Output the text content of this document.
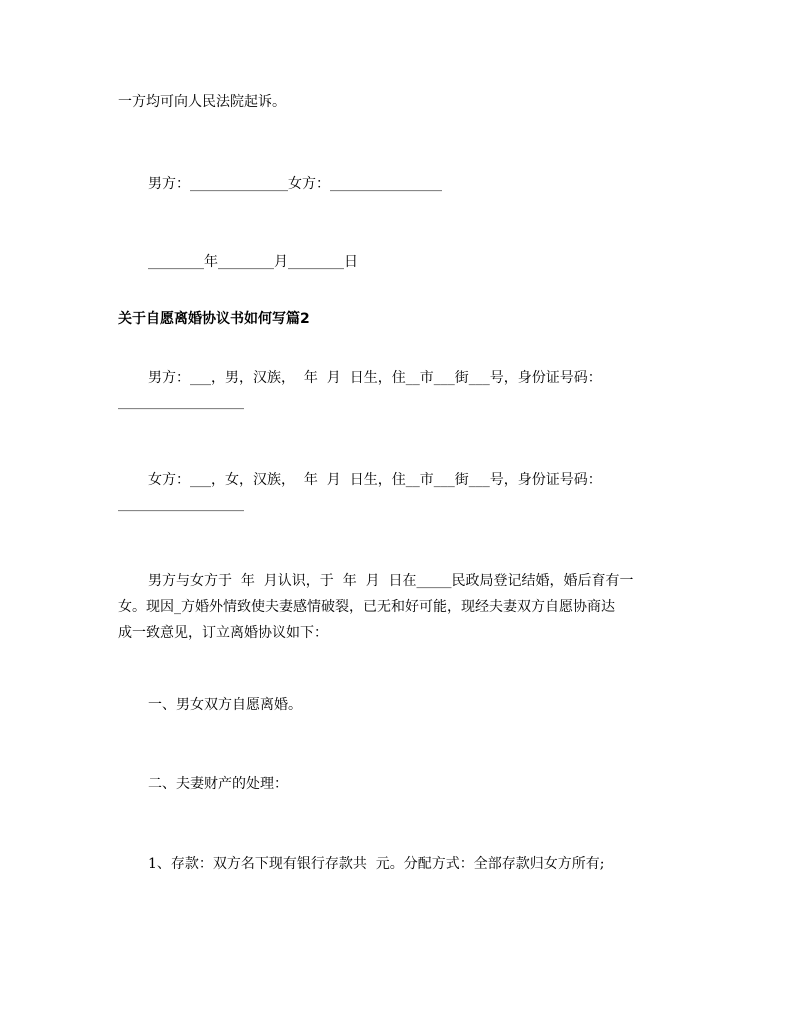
一方均可向人民法院起诉。
男方：______________女方：________________
________年________月________日
关于自愿离婚协议书如何写篇2
男方：___，男，汉族，  年  月  日生，住__市___街___号，身份证号码：
__________________
女方：___，女，汉族，  年  月  日生，住__市___街___号，身份证号码：
__________________
男方与女方于  年  月认识，于  年  月  日在_____民政局登记结婚，婚后育有一
女。现因_方婚外情致使夫妻感情破裂，已无和好可能，现经夫妻双方自愿协商达
成一致意见，订立离婚协议如下：
一、男女双方自愿离婚。
二、夫妻财产的处理：
1、存款：双方名下现有银行存款共  元。分配方式：全部存款归女方所有;
